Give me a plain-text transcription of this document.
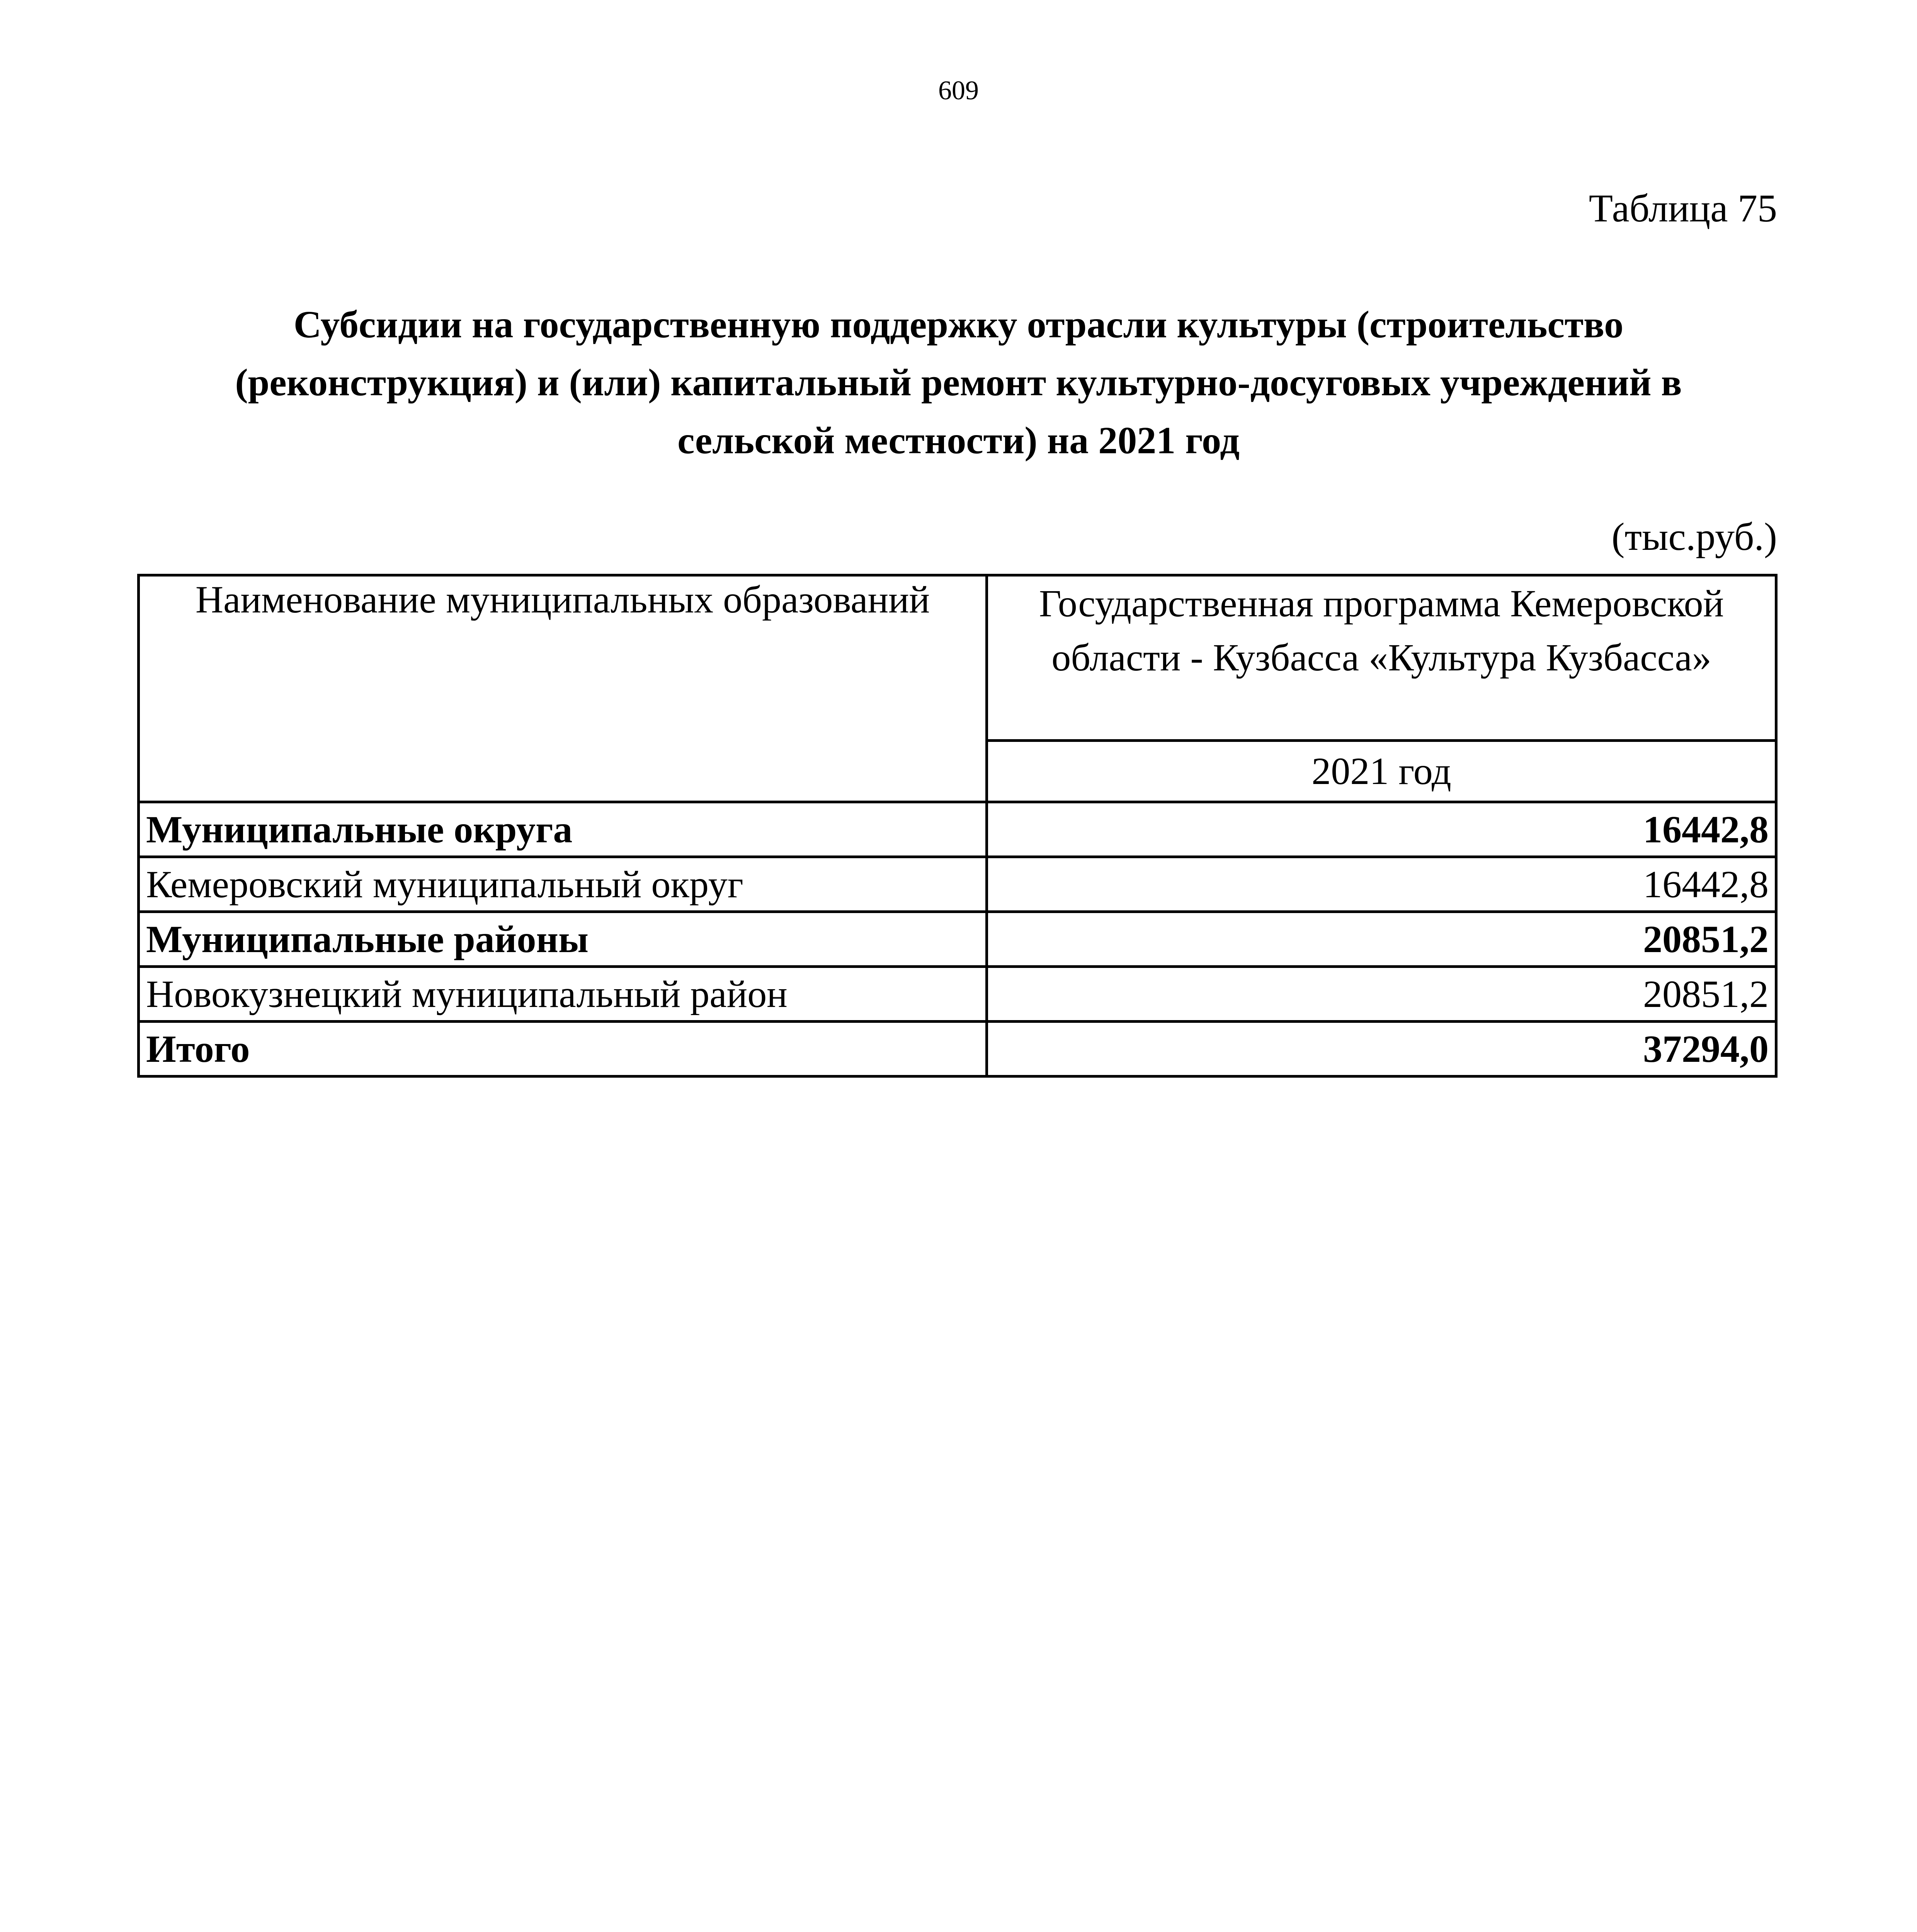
609
Таблица 75
Субсидии на государственную поддержку отрасли культуры (строительство
(реконструкция) и (или) капитальный ремонт культурно-досуговых учреждений в
сельской местности) на 2021 год
(тыс.руб.)
Наименование муниципальных образований	Государственная программа Кемеровской области - Кузбасса «Культура Кузбасса»
	2021 год
Муниципальные округа	16442,8
Кемеровский муниципальный округ	16442,8
Муниципальные районы	20851,2
Новокузнецкий муниципальный район	20851,2
Итого	37294,0
